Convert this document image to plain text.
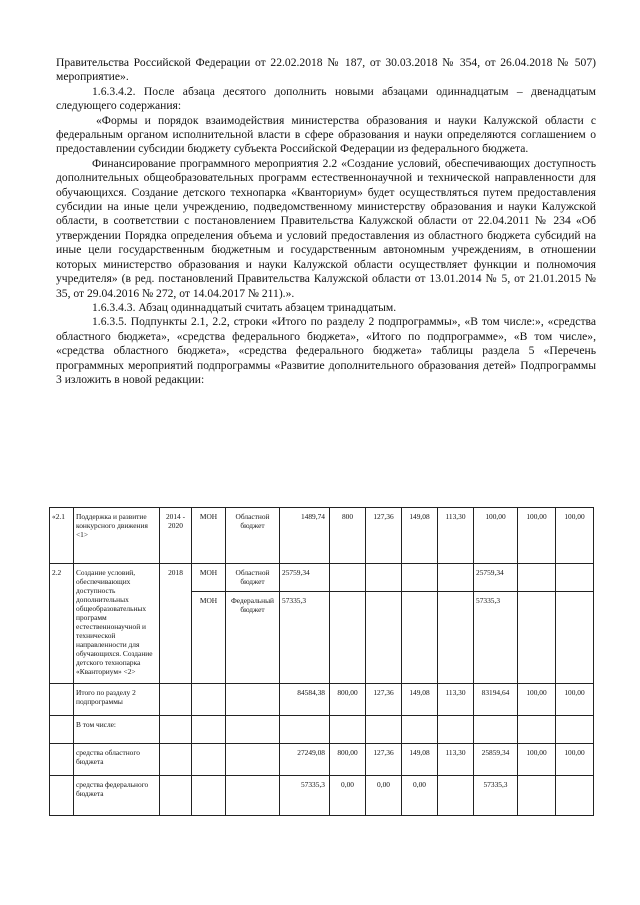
Правительства Российской Федерации от 22.02.2018 № 187, от 30.03.2018 № 354, от 26.04.2018 № 507) мероприятие».

1.6.3.4.2. После абзаца десятого дополнить новыми абзацами одиннадцатым – двенадцатым следующего содержания:

«Формы и порядок взаимодействия министерства образования и науки Калужской области с федеральным органом исполнительной власти в сфере образования и науки определяются соглашением о предоставлении субсидии бюджету субъекта Российской Федерации из федерального бюджета.

Финансирование программного мероприятия 2.2 «Создание условий, обеспечивающих доступность дополнительных общеобразовательных программ естественнонаучной и технической направленности для обучающихся. Создание детского технопарка «Кванториум» будет осуществляться путем предоставления субсидии на иные цели учреждению, подведомственному министерству образования и науки Калужской области, в соответствии с постановлением Правительства Калужской области от 22.04.2011 № 234 «Об утверждении Порядка определения объема и условий предоставления из областного бюджета субсидий на иные цели государственным бюджетным и государственным автономным учреждениям, в отношении которых министерство образования и науки Калужской области осуществляет функции и полномочия учредителя» (в ред. постановлений Правительства Калужской области от 13.01.2014 № 5, от 21.01.2015 № 35, от 29.04.2016 № 272, от 14.04.2017 № 211).».

1.6.3.4.3. Абзац одиннадцатый считать абзацем тринадцатым.

1.6.3.5. Подпункты 2.1, 2.2, строки «Итого по разделу 2 подпрограммы», «В том числе:», «средства областного бюджета», «средства федерального бюджета», «Итого по подпрограмме», «В том числе», «средства областного бюджета», «средства федерального бюджета» таблицы раздела 5 «Перечень программных мероприятий подпрограммы «Развитие дополнительного образования детей» Подпрограммы 3 изложить в новой редакции:

«2.1	Поддержка и развитие конкурсного движения <1>	2014 - 2020	МОН	Областной бюджет	1489,74	800	127,36	149,08	113,30	100,00	100,00	100,00
2.2	Создание условий, обеспечивающих доступность дополнительных общеобразовательных программ естественнонаучной и технической направленности для обучающихся. Создание детского технопарка «Кванториум» <2>	2018	МОН	Областной бюджет	25759,34					25759,34		
			МОН	Федеральный бюджет	57335,3					57335,3		
	Итого по разделу 2 подпрограммы				84584,38	800,00	127,36	149,08	113,30	83194,64	100,00	100,00
	В том числе:											
	средства областного бюджета				27249,08	800,00	127,36	149,08	113,30	25859,34	100,00	100,00
	средства федерального бюджета				57335,3	0,00	0,00	0,00		57335,3		
